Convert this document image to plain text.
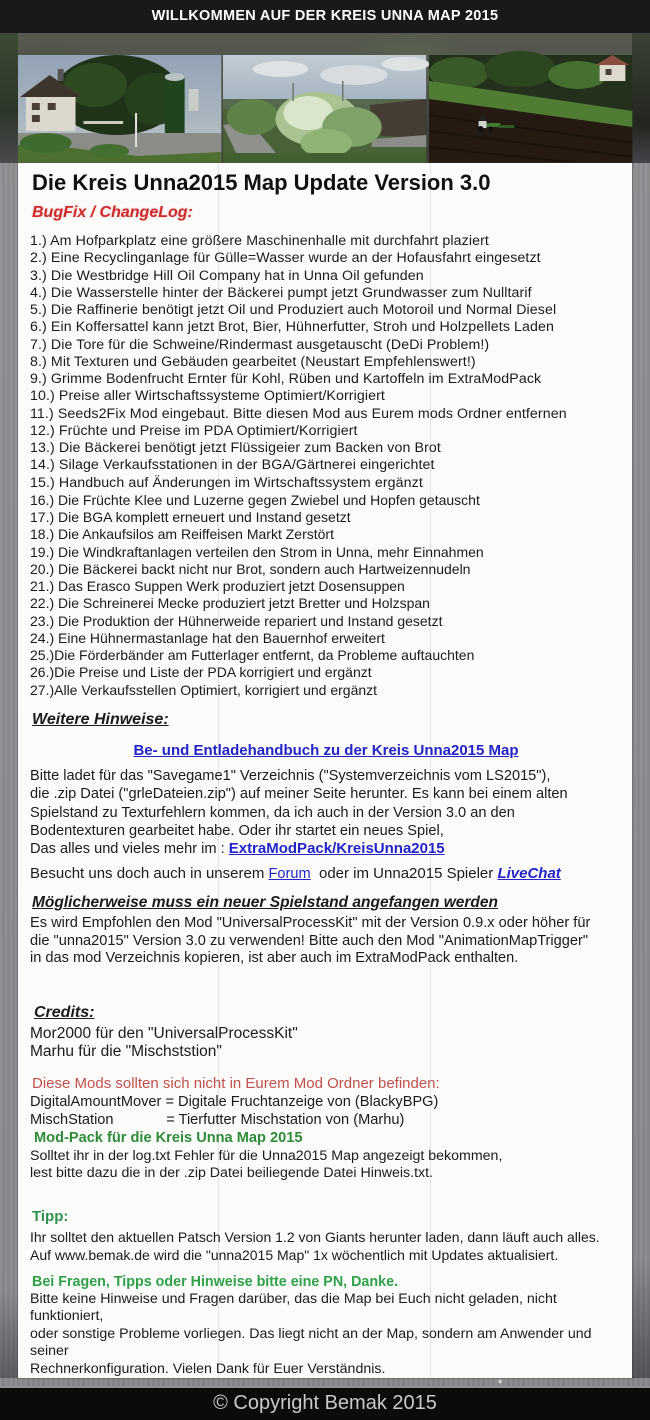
WILLKOMMEN AUF DER KREIS UNNA MAP 2015
Die Kreis Unna2015 Map Update Version 3.0
BugFix / ChangeLog:
1.) Am Hofparkplatz eine größere Maschinenhalle mit durchfahrt plaziert
2.) Eine Recyclinganlage für Gülle=Wasser wurde an der Hofausfahrt eingesetzt
3.) Die Westbridge Hill Oil Company hat in Unna Oil gefunden
4.) Die Wasserstelle hinter der Bäckerei pumpt jetzt Grundwasser zum Nulltarif
5.) Die Raffinerie benötigt jetzt Oil und Produziert auch Motoroil und Normal Diesel
6.) Ein Koffersattel kann jetzt Brot, Bier, Hühnerfutter, Stroh und Holzpellets Laden
7.) Die Tore für die Schweine/Rindermast ausgetauscht (DeDi Problem!)
8.) Mit Texturen und Gebäuden gearbeitet (Neustart Empfehlenswert!)
9.) Grimme Bodenfrucht Ernter für Kohl, Rüben und Kartoffeln im ExtraModPack
10.) Preise aller Wirtschaftssysteme Optimiert/Korrigiert
11.) Seeds2Fix Mod eingebaut. Bitte diesen Mod aus Eurem mods Ordner entfernen
12.) Früchte und Preise im PDA Optimiert/Korrigiert
13.) Die Bäckerei benötigt jetzt Flüssigeier zum Backen von Brot
14.) Silage Verkaufsstationen in der BGA/Gärtnerei eingerichtet
15.) Handbuch auf Änderungen im Wirtschaftssystem ergänzt
16.) Die Früchte Klee und Luzerne gegen Zwiebel und Hopfen getauscht
17.) Die BGA komplett erneuert und Instand gesetzt
18.) Die Ankaufsilos am Reiffeisen Markt Zerstört
19.) Die Windkraftanlagen verteilen den Strom in Unna, mehr Einnahmen
20.) Die Bäckerei backt nicht nur Brot, sondern auch Hartweizennudeln
21.) Das Erasco Suppen Werk produziert jetzt Dosensuppen
22.) Die Schreinerei Mecke produziert jetzt Bretter und Holzspan
23.) Die Produktion der Hühnerweide repariert und Instand gesetzt
24.) Eine Hühnermastanlage hat den Bauernhof erweitert
25.)Die Förderbänder am Futterlager entfernt, da Probleme auftauchten
26.)Die Preise und Liste der PDA korrigiert und ergänzt
27.)Alle Verkaufsstellen Optimiert, korrigiert und ergänzt
Weitere Hinweise:
Be- und Entladehandbuch zu der Kreis Unna2015 Map
Bitte ladet für das "Savegame1" Verzeichnis ("Systemverzeichnis vom LS2015"),
die .zip Datei ("grleDateien.zip") auf meiner Seite herunter. Es kann bei einem alten
Spielstand zu Texturfehlern kommen, da ich auch in der Version 3.0 an den
Bodentexturen gearbeitet habe. Oder ihr startet ein neues Spiel,
Das alles und vieles mehr im : ExtraModPack/KreisUnna2015
Besucht uns doch auch in unserem Forum  oder im Unna2015 Spieler LiveChat
Möglicherweise muss ein neuer Spielstand angefangen werden
Es wird Empfohlen den Mod "UniversalProcessKit" mit der Version 0.9.x oder höher für
die "unna2015" Version 3.0 zu verwenden! Bitte auch den Mod "AnimationMapTrigger"
in das mod Verzeichnis kopieren, ist aber auch im ExtraModPack enthalten.
Credits:
Mor2000 für den "UniversalProcessKit"
Marhu für die "Mischststion"
Diese Mods sollten sich nicht in Eurem Mod Ordner befinden:
DigitalAmountMover = Digitale Fruchtanzeige von (BlackyBPG)
MischStation             = Tierfutter Mischstation von (Marhu)
Mod-Pack für die Kreis Unna Map 2015
Solltet ihr in der log.txt Fehler für die Unna2015 Map angezeigt bekommen,
lest bitte dazu die in der .zip Datei beiliegende Datei Hinweis.txt.
Tipp:
Ihr solltet den aktuellen Patsch Version 1.2 von Giants herunter laden, dann läuft auch alles.
Auf www.bemak.de wird die "unna2015 Map" 1x wöchentlich mit Updates aktualisiert.
Bei Fragen, Tipps oder Hinweise bitte eine PN, Danke.
Bitte keine Hinweise und Fragen darüber, das die Map bei Euch nicht geladen, nicht funktioniert,
oder sonstige Probleme vorliegen. Das liegt nicht an der Map, sondern am Anwender und seiner
Rechnerkonfiguration. Vielen Dank für Euer Verständnis.
© Copyright Bemak 2015
